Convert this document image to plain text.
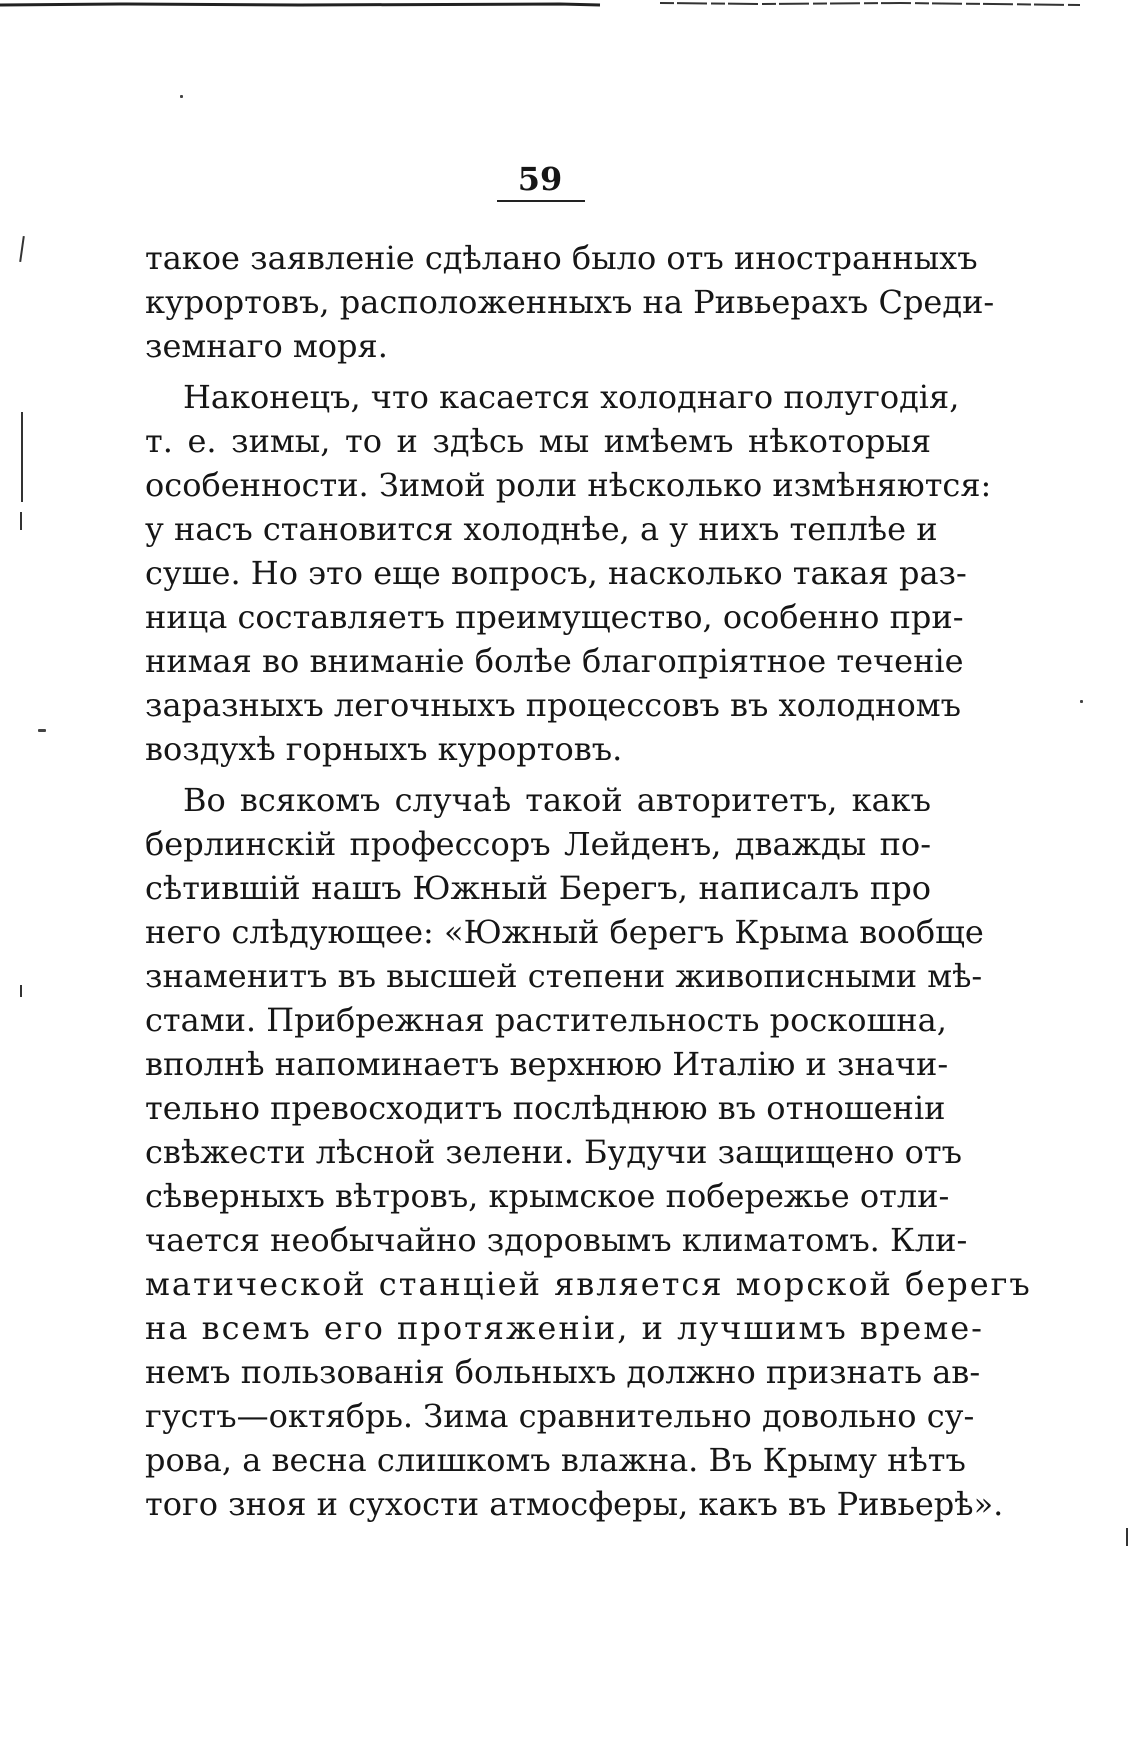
59
такое заявленіе сдѣлано было отъ иностранныхъ
курортовъ, расположенныхъ на Ривьерахъ Среди-
земнаго моря.
Наконецъ, что касается холоднаго полугодія,
т. е. зимы, то и здѣсь мы имѣемъ нѣкоторыя
особенности. Зимой роли нѣсколько измѣняются:
у насъ становится холоднѣе, а у нихъ теплѣе и
суше. Но это еще вопросъ, насколько такая раз-
ница составляетъ преимущество, особенно при-
нимая во вниманіе болѣе благопріятное теченіе
заразныхъ легочныхъ процессовъ въ холодномъ
воздухѣ горныхъ курортовъ.
Во всякомъ случаѣ такой авторитетъ, какъ
берлинскій профессоръ Лейденъ, дважды по-
сѣтившій нашъ Южный Берегъ, написалъ про
него слѣдующее: «Южный берегъ Крыма вообще
знаменитъ въ высшей степени живописными мѣ-
стами. Прибрежная растительность роскошна,
вполнѣ напоминаетъ верхнюю Италію и значи-
тельно превосходитъ послѣднюю въ отношеніи
свѣжести лѣсной зелени. Будучи защищено отъ
сѣверныхъ вѣтровъ, крымское побережье отли-
чается необычайно здоровымъ климатомъ. Кли-
матической станціей является морской берегъ
на всемъ его протяженіи, и лучшимъ време-
немъ пользованія больныхъ должно признать ав-
густъ—октябрь. Зима сравнительно довольно су-
рова, а весна слишкомъ влажна. Въ Крыму нѣтъ
того зноя и сухости атмосферы, какъ въ Ривьерѣ».
